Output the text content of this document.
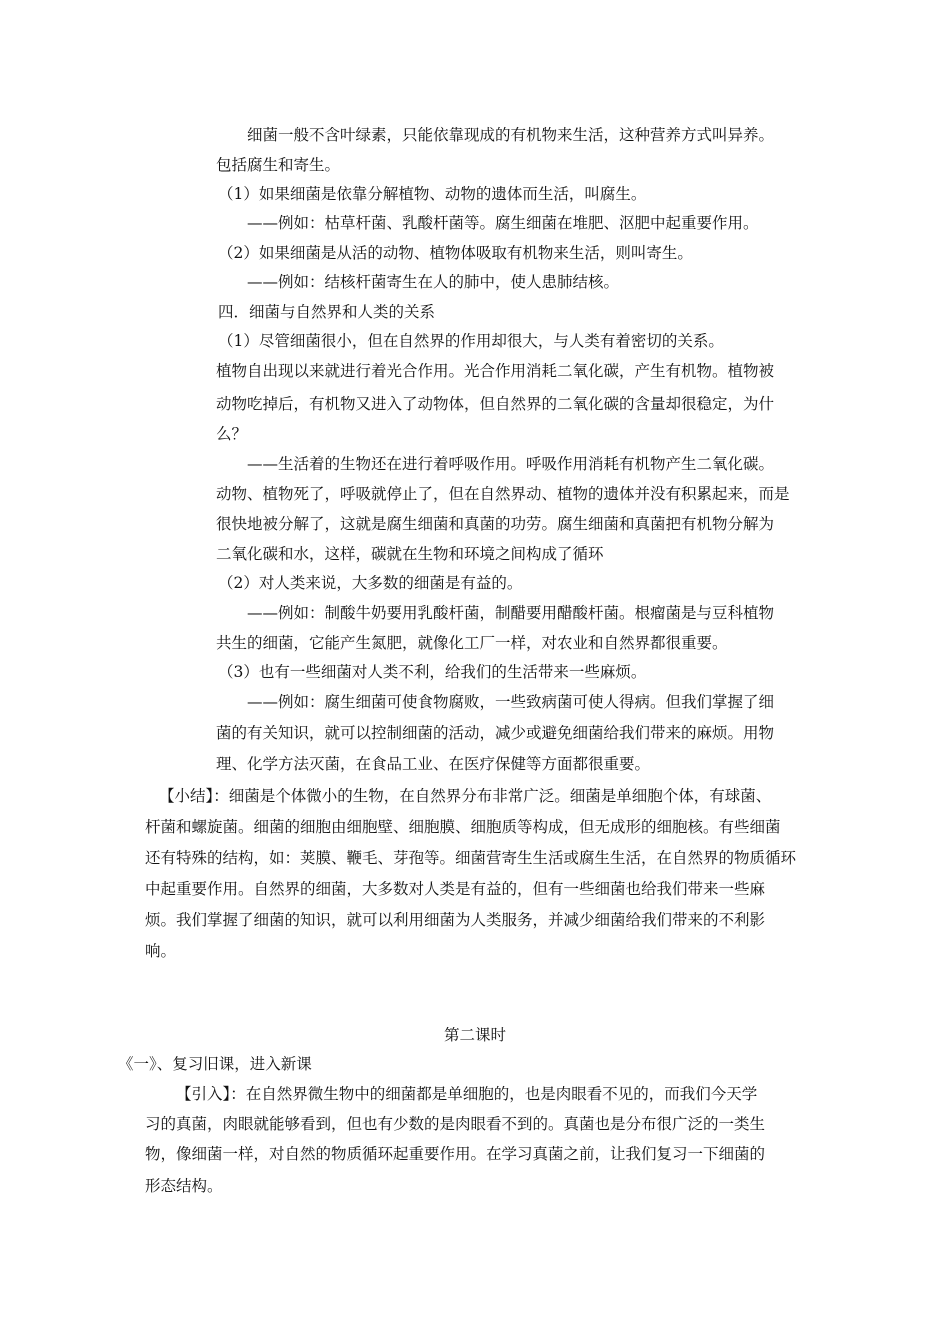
细菌一般不含叶绿素，只能依靠现成的有机物来生活，这种营养方式叫异养。
包括腐生和寄生。
（1）如果细菌是依靠分解植物、动物的遗体而生活，叫腐生。
——例如：枯草杆菌、乳酸杆菌等。腐生细菌在堆肥、沤肥中起重要作用。
（2）如果细菌是从活的动物、植物体吸取有机物来生活，则叫寄生。
——例如：结核杆菌寄生在人的肺中，使人患肺结核。
四．细菌与自然界和人类的关系
（1）尽管细菌很小，但在自然界的作用却很大，与人类有着密切的关系。
植物自出现以来就进行着光合作用。光合作用消耗二氧化碳，产生有机物。植物被
动物吃掉后，有机物又进入了动物体，但自然界的二氧化碳的含量却很稳定，为什
么？
——生活着的生物还在进行着呼吸作用。呼吸作用消耗有机物产生二氧化碳。
动物、植物死了，呼吸就停止了，但在自然界动、植物的遗体并没有积累起来，而是
很快地被分解了，这就是腐生细菌和真菌的功劳。腐生细菌和真菌把有机物分解为
二氧化碳和水，这样，碳就在生物和环境之间构成了循环
（2）对人类来说，大多数的细菌是有益的。
——例如：制酸牛奶要用乳酸杆菌，制醋要用醋酸杆菌。根瘤菌是与豆科植物
共生的细菌，它能产生氮肥，就像化工厂一样，对农业和自然界都很重要。
（3）也有一些细菌对人类不利，给我们的生活带来一些麻烦。
——例如：腐生细菌可使食物腐败，一些致病菌可使人得病。但我们掌握了细
菌的有关知识，就可以控制细菌的活动，减少或避免细菌给我们带来的麻烦。用物
理、化学方法灭菌，在食品工业、在医疗保健等方面都很重要。
【小结】：细菌是个体微小的生物，在自然界分布非常广泛。细菌是单细胞个体，有球菌、
杆菌和螺旋菌。细菌的细胞由细胞壁、细胞膜、细胞质等构成，但无成形的细胞核。有些细菌
还有特殊的结构，如：荚膜、鞭毛、芽孢等。细菌营寄生生活或腐生生活，在自然界的物质循环
中起重要作用。自然界的细菌，大多数对人类是有益的，但有一些细菌也给我们带来一些麻
烦。我们掌握了细菌的知识，就可以利用细菌为人类服务，并减少细菌给我们带来的不利影
响。
第二课时
《一》、复习旧课，进入新课
【引入】：在自然界微生物中的细菌都是单细胞的，也是肉眼看不见的，而我们今天学
习的真菌，肉眼就能够看到，但也有少数的是肉眼看不到的。真菌也是分布很广泛的一类生
物，像细菌一样，对自然的物质循环起重要作用。在学习真菌之前，让我们复习一下细菌的
形态结构。
